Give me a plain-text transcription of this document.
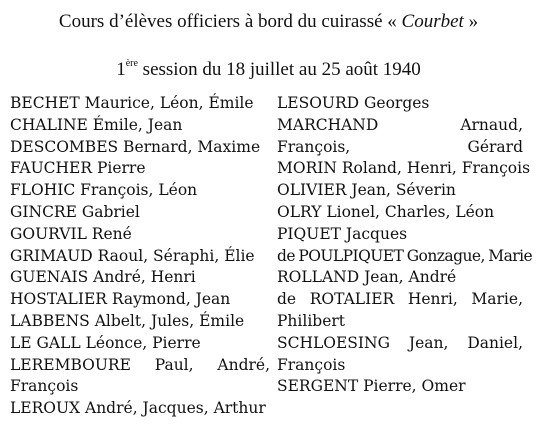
Cours d’élèves officiers à bord du cuirassé « Courbet »
1ère session du 18 juillet au 25 août 1940
BECHET Maurice, Léon, Émile
CHALINE Émile, Jean
DESCOMBES Bernard, Maxime
FAUCHER Pierre
FLOHIC François, Léon
GINCRE Gabriel
GOURVIL René
GRIMAUD Raoul, Séraphi, Élie
GUENAIS André, Henri
HOSTALIER Raymond, Jean
LABBENS Albelt, Jules, Émile
LE GALL Léonce, Pierre
LEREMBOURE Paul, André, François
LEROUX André, Jacques, Arthur
LESOURD Georges
MARCHAND Arnaud, François, Gérard
MORIN Roland, Henri, François
OLIVIER Jean, Séverin
OLRY Lionel, Charles, Léon
PIQUET Jacques
de POULPIQUET Gonzague, Marie
ROLLAND Jean, André
de ROTALIER Henri, Marie, Philibert
SCHLOESING Jean, Daniel, François
SERGENT Pierre, Omer
